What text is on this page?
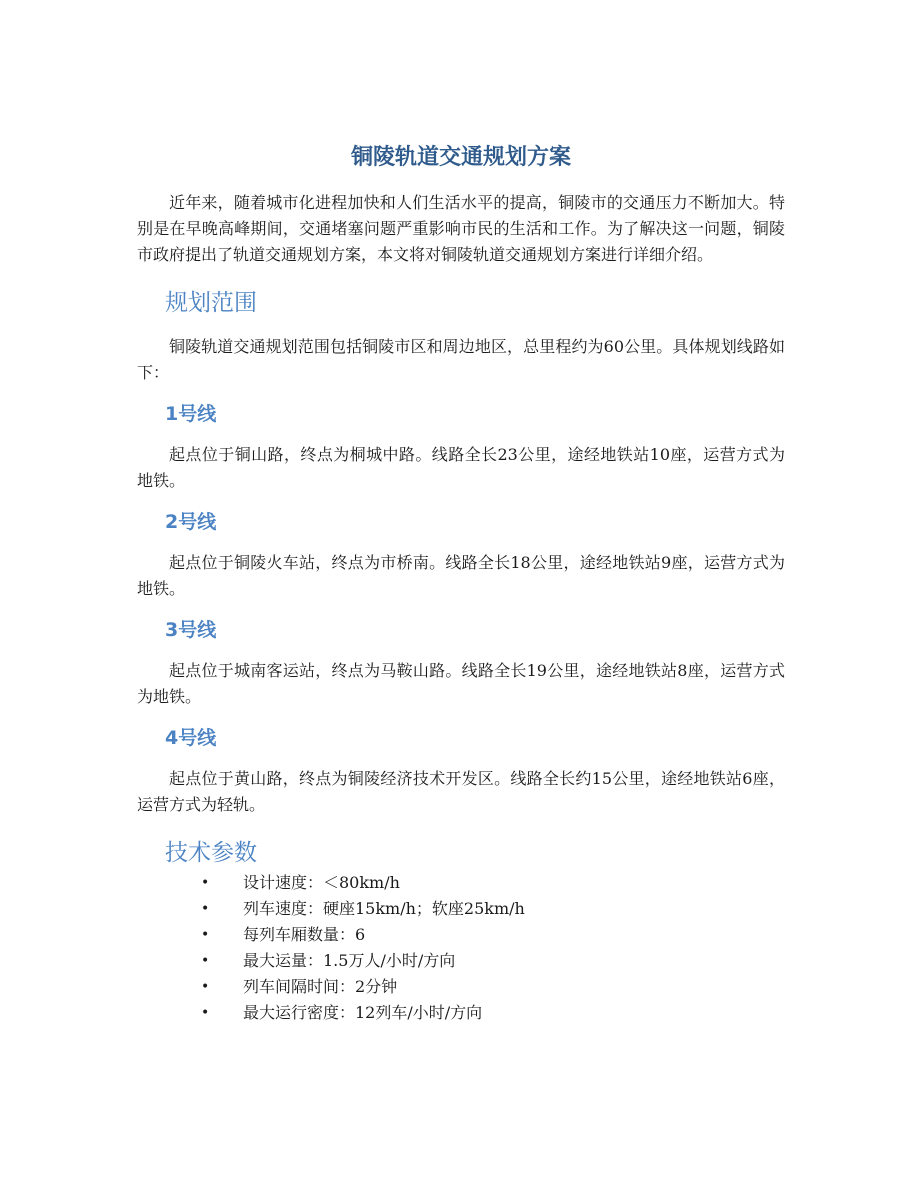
铜陵轨道交通规划方案

近年来，随着城市化进程加快和人们生活水平的提高，铜陵市的交通压力不断加大。特别是在早晚高峰期间，交通堵塞问题严重影响市民的生活和工作。为了解决这一问题，铜陵市政府提出了轨道交通规划方案，本文将对铜陵轨道交通规划方案进行详细介绍。

规划范围

铜陵轨道交通规划范围包括铜陵市区和周边地区，总里程约为60公里。具体规划线路如下：

1号线

起点位于铜山路，终点为桐城中路。线路全长23公里，途经地铁站10座，运营方式为地铁。

2号线

起点位于铜陵火车站，终点为市桥南。线路全长18公里，途经地铁站9座，运营方式为地铁。

3号线

起点位于城南客运站，终点为马鞍山路。线路全长19公里，途经地铁站8座，运营方式为地铁。

4号线

起点位于黄山路，终点为铜陵经济技术开发区。线路全长约15公里，途经地铁站6座，运营方式为轻轨。

技术参数
• 设计速度：＜80km/h
• 列车速度：硬座15km/h；软座25km/h
• 每列车厢数量：6
• 最大运量：1.5万人/小时/方向
• 列车间隔时间：2分钟
• 最大运行密度：12列车/小时/方向
